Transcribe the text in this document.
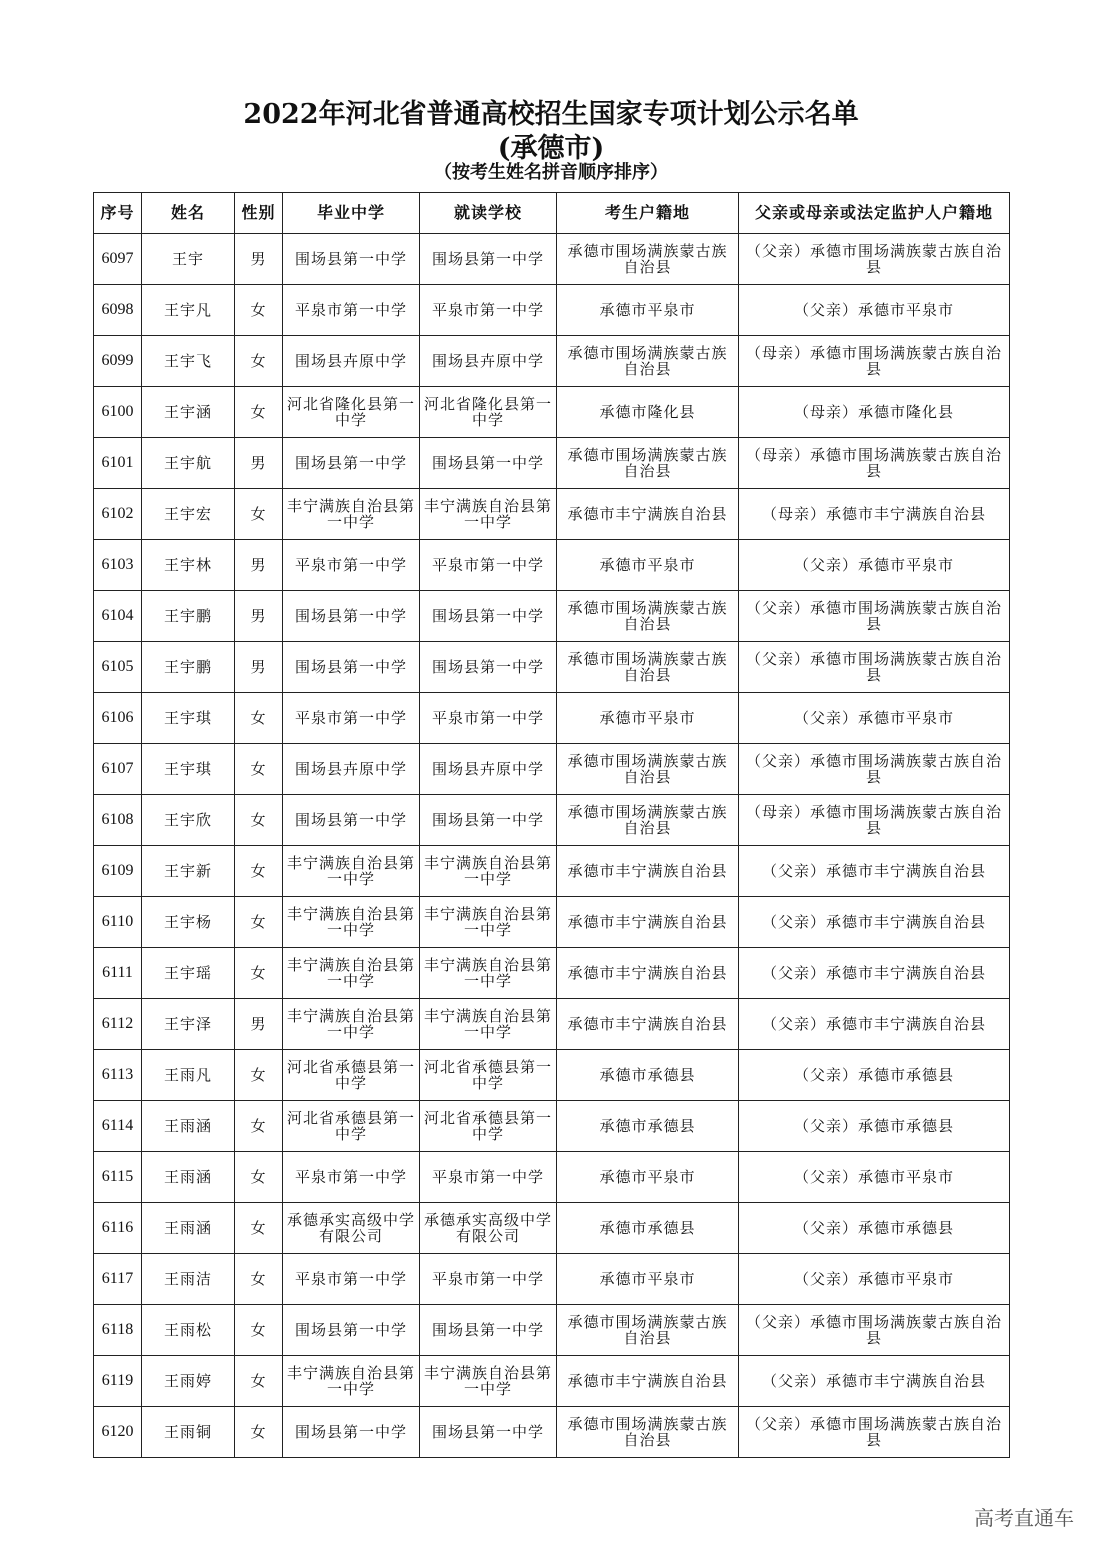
2022年河北省普通高校招生国家专项计划公示名单
(承德市)
（按考生姓名拼音顺序排序）
序号	姓名	性别	毕业中学	就读学校	考生户籍地	父亲或母亲或法定监护人户籍地
6097	王宇	男	围场县第一中学	围场县第一中学	承德市围场满族蒙古族自治县	（父亲）承德市围场满族蒙古族自治县
6098	王宇凡	女	平泉市第一中学	平泉市第一中学	承德市平泉市	（父亲）承德市平泉市
6099	王宇飞	女	围场县卉原中学	围场县卉原中学	承德市围场满族蒙古族自治县	（母亲）承德市围场满族蒙古族自治县
6100	王宇涵	女	河北省隆化县第一中学	河北省隆化县第一中学	承德市隆化县	（母亲）承德市隆化县
6101	王宇航	男	围场县第一中学	围场县第一中学	承德市围场满族蒙古族自治县	（母亲）承德市围场满族蒙古族自治县
6102	王宇宏	女	丰宁满族自治县第一中学	丰宁满族自治县第一中学	承德市丰宁满族自治县	（母亲）承德市丰宁满族自治县
6103	王宇林	男	平泉市第一中学	平泉市第一中学	承德市平泉市	（父亲）承德市平泉市
6104	王宇鹏	男	围场县第一中学	围场县第一中学	承德市围场满族蒙古族自治县	（父亲）承德市围场满族蒙古族自治县
6105	王宇鹏	男	围场县第一中学	围场县第一中学	承德市围场满族蒙古族自治县	（父亲）承德市围场满族蒙古族自治县
6106	王宇琪	女	平泉市第一中学	平泉市第一中学	承德市平泉市	（父亲）承德市平泉市
6107	王宇琪	女	围场县卉原中学	围场县卉原中学	承德市围场满族蒙古族自治县	（父亲）承德市围场满族蒙古族自治县
6108	王宇欣	女	围场县第一中学	围场县第一中学	承德市围场满族蒙古族自治县	（母亲）承德市围场满族蒙古族自治县
6109	王宇新	女	丰宁满族自治县第一中学	丰宁满族自治县第一中学	承德市丰宁满族自治县	（父亲）承德市丰宁满族自治县
6110	王宇杨	女	丰宁满族自治县第一中学	丰宁满族自治县第一中学	承德市丰宁满族自治县	（父亲）承德市丰宁满族自治县
6111	王宇瑶	女	丰宁满族自治县第一中学	丰宁满族自治县第一中学	承德市丰宁满族自治县	（父亲）承德市丰宁满族自治县
6112	王宇泽	男	丰宁满族自治县第一中学	丰宁满族自治县第一中学	承德市丰宁满族自治县	（父亲）承德市丰宁满族自治县
6113	王雨凡	女	河北省承德县第一中学	河北省承德县第一中学	承德市承德县	（父亲）承德市承德县
6114	王雨涵	女	河北省承德县第一中学	河北省承德县第一中学	承德市承德县	（父亲）承德市承德县
6115	王雨涵	女	平泉市第一中学	平泉市第一中学	承德市平泉市	（父亲）承德市平泉市
6116	王雨涵	女	承德承实高级中学有限公司	承德承实高级中学有限公司	承德市承德县	（父亲）承德市承德县
6117	王雨洁	女	平泉市第一中学	平泉市第一中学	承德市平泉市	（父亲）承德市平泉市
6118	王雨松	女	围场县第一中学	围场县第一中学	承德市围场满族蒙古族自治县	（父亲）承德市围场满族蒙古族自治县
6119	王雨婷	女	丰宁满族自治县第一中学	丰宁满族自治县第一中学	承德市丰宁满族自治县	（父亲）承德市丰宁满族自治县
6120	王雨铜	女	围场县第一中学	围场县第一中学	承德市围场满族蒙古族自治县	（父亲）承德市围场满族蒙古族自治县
高考直通车
